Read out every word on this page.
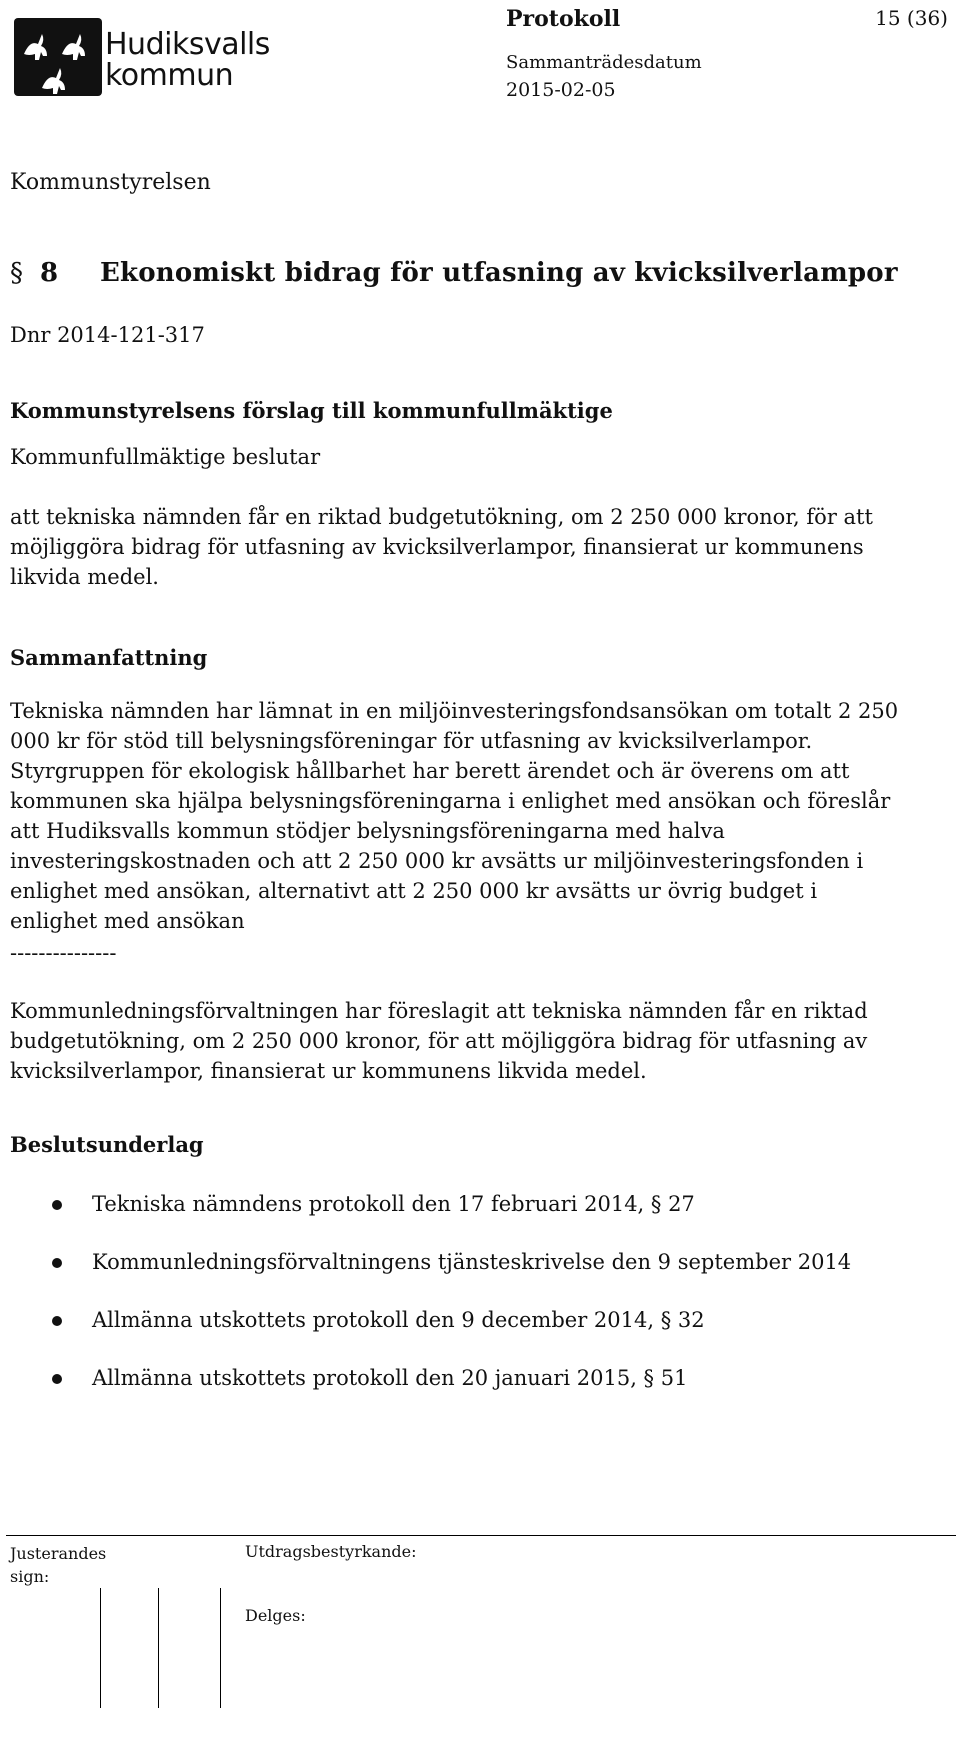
Hudiksvalls
kommun
Protokoll	15 (36)
Sammanträdesdatum
2015-02-05
Kommunstyrelsen
§ 8	Ekonomiskt bidrag för utfasning av kvicksilverlampor
Dnr 2014-121-317
Kommunstyrelsens förslag till kommunfullmäktige
Kommunfullmäktige beslutar
att tekniska nämnden får en riktad budgetutökning, om 2 250 000 kronor, för att möjliggöra bidrag för utfasning av kvicksilverlampor, finansierat ur kommunens likvida medel.
Sammanfattning
Tekniska nämnden har lämnat in en miljöinvesteringsfondsansökan om totalt 2 250 000 kr för stöd till belysningsföreningar för utfasning av kvicksilverlampor. Styrgruppen för ekologisk hållbarhet har berett ärendet och är överens om att kommunen ska hjälpa belysningsföreningarna i enlighet med ansökan och föreslår att Hudiksvalls kommun stödjer belysningsföreningarna med halva investeringskostnaden och att 2 250 000 kr avsätts ur miljöinvesteringsfonden i enlighet med ansökan, alternativt att 2 250 000 kr avsätts ur övrig budget i enlighet med ansökan
---------------
Kommunledningsförvaltningen har föreslagit att tekniska nämnden får en riktad budgetutökning, om 2 250 000 kronor, för att möjliggöra bidrag för utfasning av kvicksilverlampor, finansierat ur kommunens likvida medel.
Beslutsunderlag
Tekniska nämndens protokoll den 17 februari 2014, § 27
Kommunledningsförvaltningens tjänsteskrivelse den 9 september 2014
Allmänna utskottets protokoll den 9 december 2014, § 32
Allmänna utskottets protokoll den 20 januari 2015, § 51
Justerandes sign:
Utdragsbestyrkande:
Delges:
